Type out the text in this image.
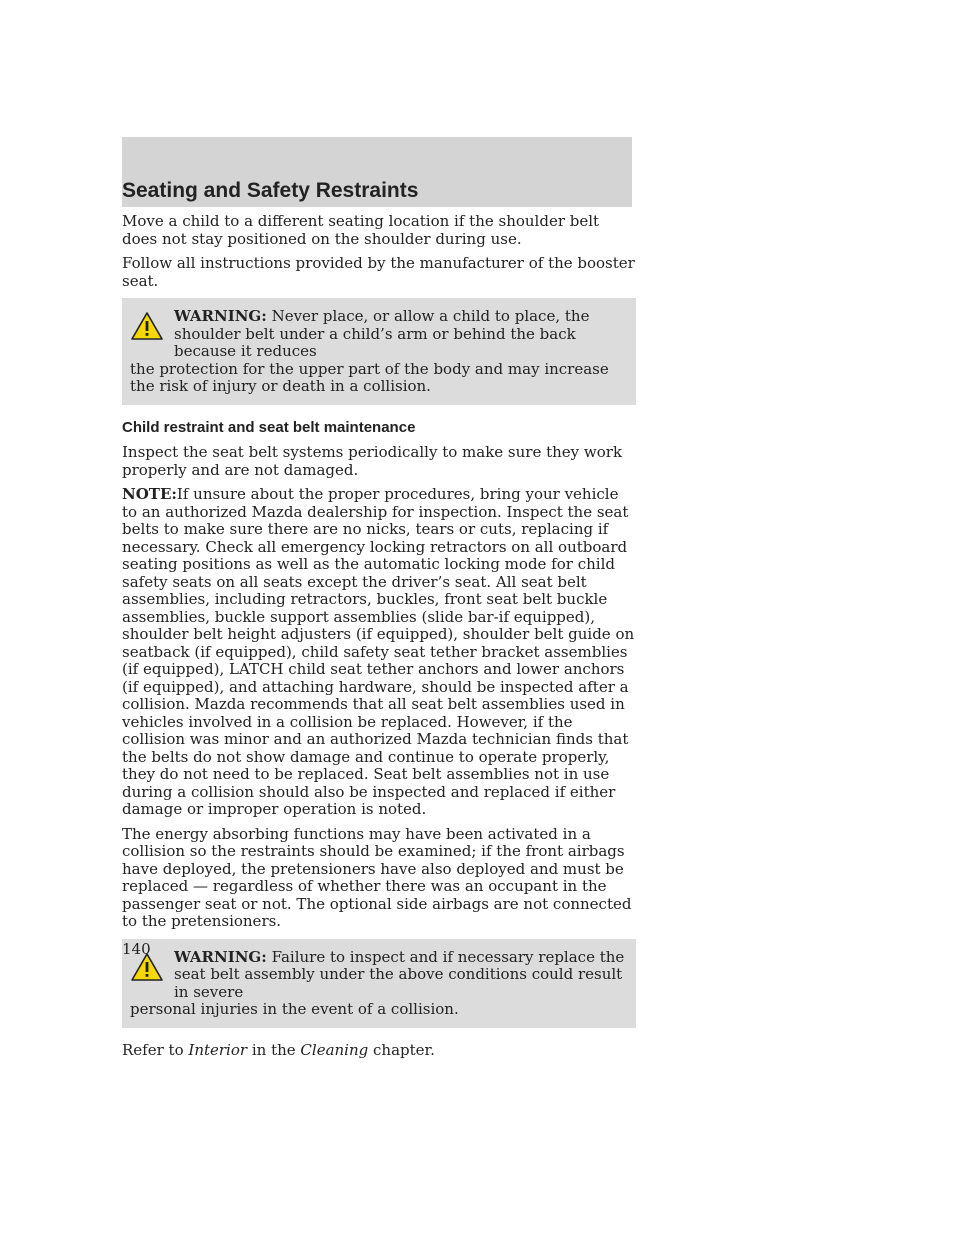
Seating and Safety Restraints

Move a child to a different seating location if the shoulder belt does not stay positioned on the shoulder during use.

Follow all instructions provided by the manufacturer of the booster seat.

WARNING: Never place, or allow a child to place, the shoulder belt under a child’s arm or behind the back because it reduces
the protection for the upper part of the body and may increase the risk of injury or death in a collision.
Child restraint and seat belt maintenance

Inspect the seat belt systems periodically to make sure they work properly and are not damaged.

NOTE:If unsure about the proper procedures, bring your vehicle to an authorized Mazda dealership for inspection. Inspect the seat belts to make sure there are no nicks, tears or cuts, replacing if necessary. Check all emergency locking retractors on all outboard seating positions as well as the automatic locking mode for child safety seats on all seats except the driver’s seat. All seat belt assemblies, including retractors, buckles, front seat belt buckle assemblies, buckle support assemblies (slide bar-if equipped), shoulder belt height adjusters (if equipped), shoulder belt guide on seatback (if equipped), child safety seat tether bracket assemblies (if equipped), LATCH child seat tether anchors and lower anchors (if equipped), and attaching hardware, should be inspected after a collision. Mazda recommends that all seat belt assemblies used in vehicles involved in a collision be replaced. However, if the collision was minor and an authorized Mazda technician finds that the belts do not show damage and continue to operate properly, they do not need to be replaced. Seat belt assemblies not in use during a collision should also be inspected and replaced if either damage or improper operation is noted.

The energy absorbing functions may have been activated in a collision so the restraints should be examined; if the front airbags have deployed, the pretensioners have also deployed and must be replaced — regardless of whether there was an occupant in the passenger seat or not. The optional side airbags are not connected to the pretensioners.

WARNING: Failure to inspect and if necessary replace the seat belt assembly under the above conditions could result in severe
personal injuries in the event of a collision.

Refer to Interior in the Cleaning chapter.

140
